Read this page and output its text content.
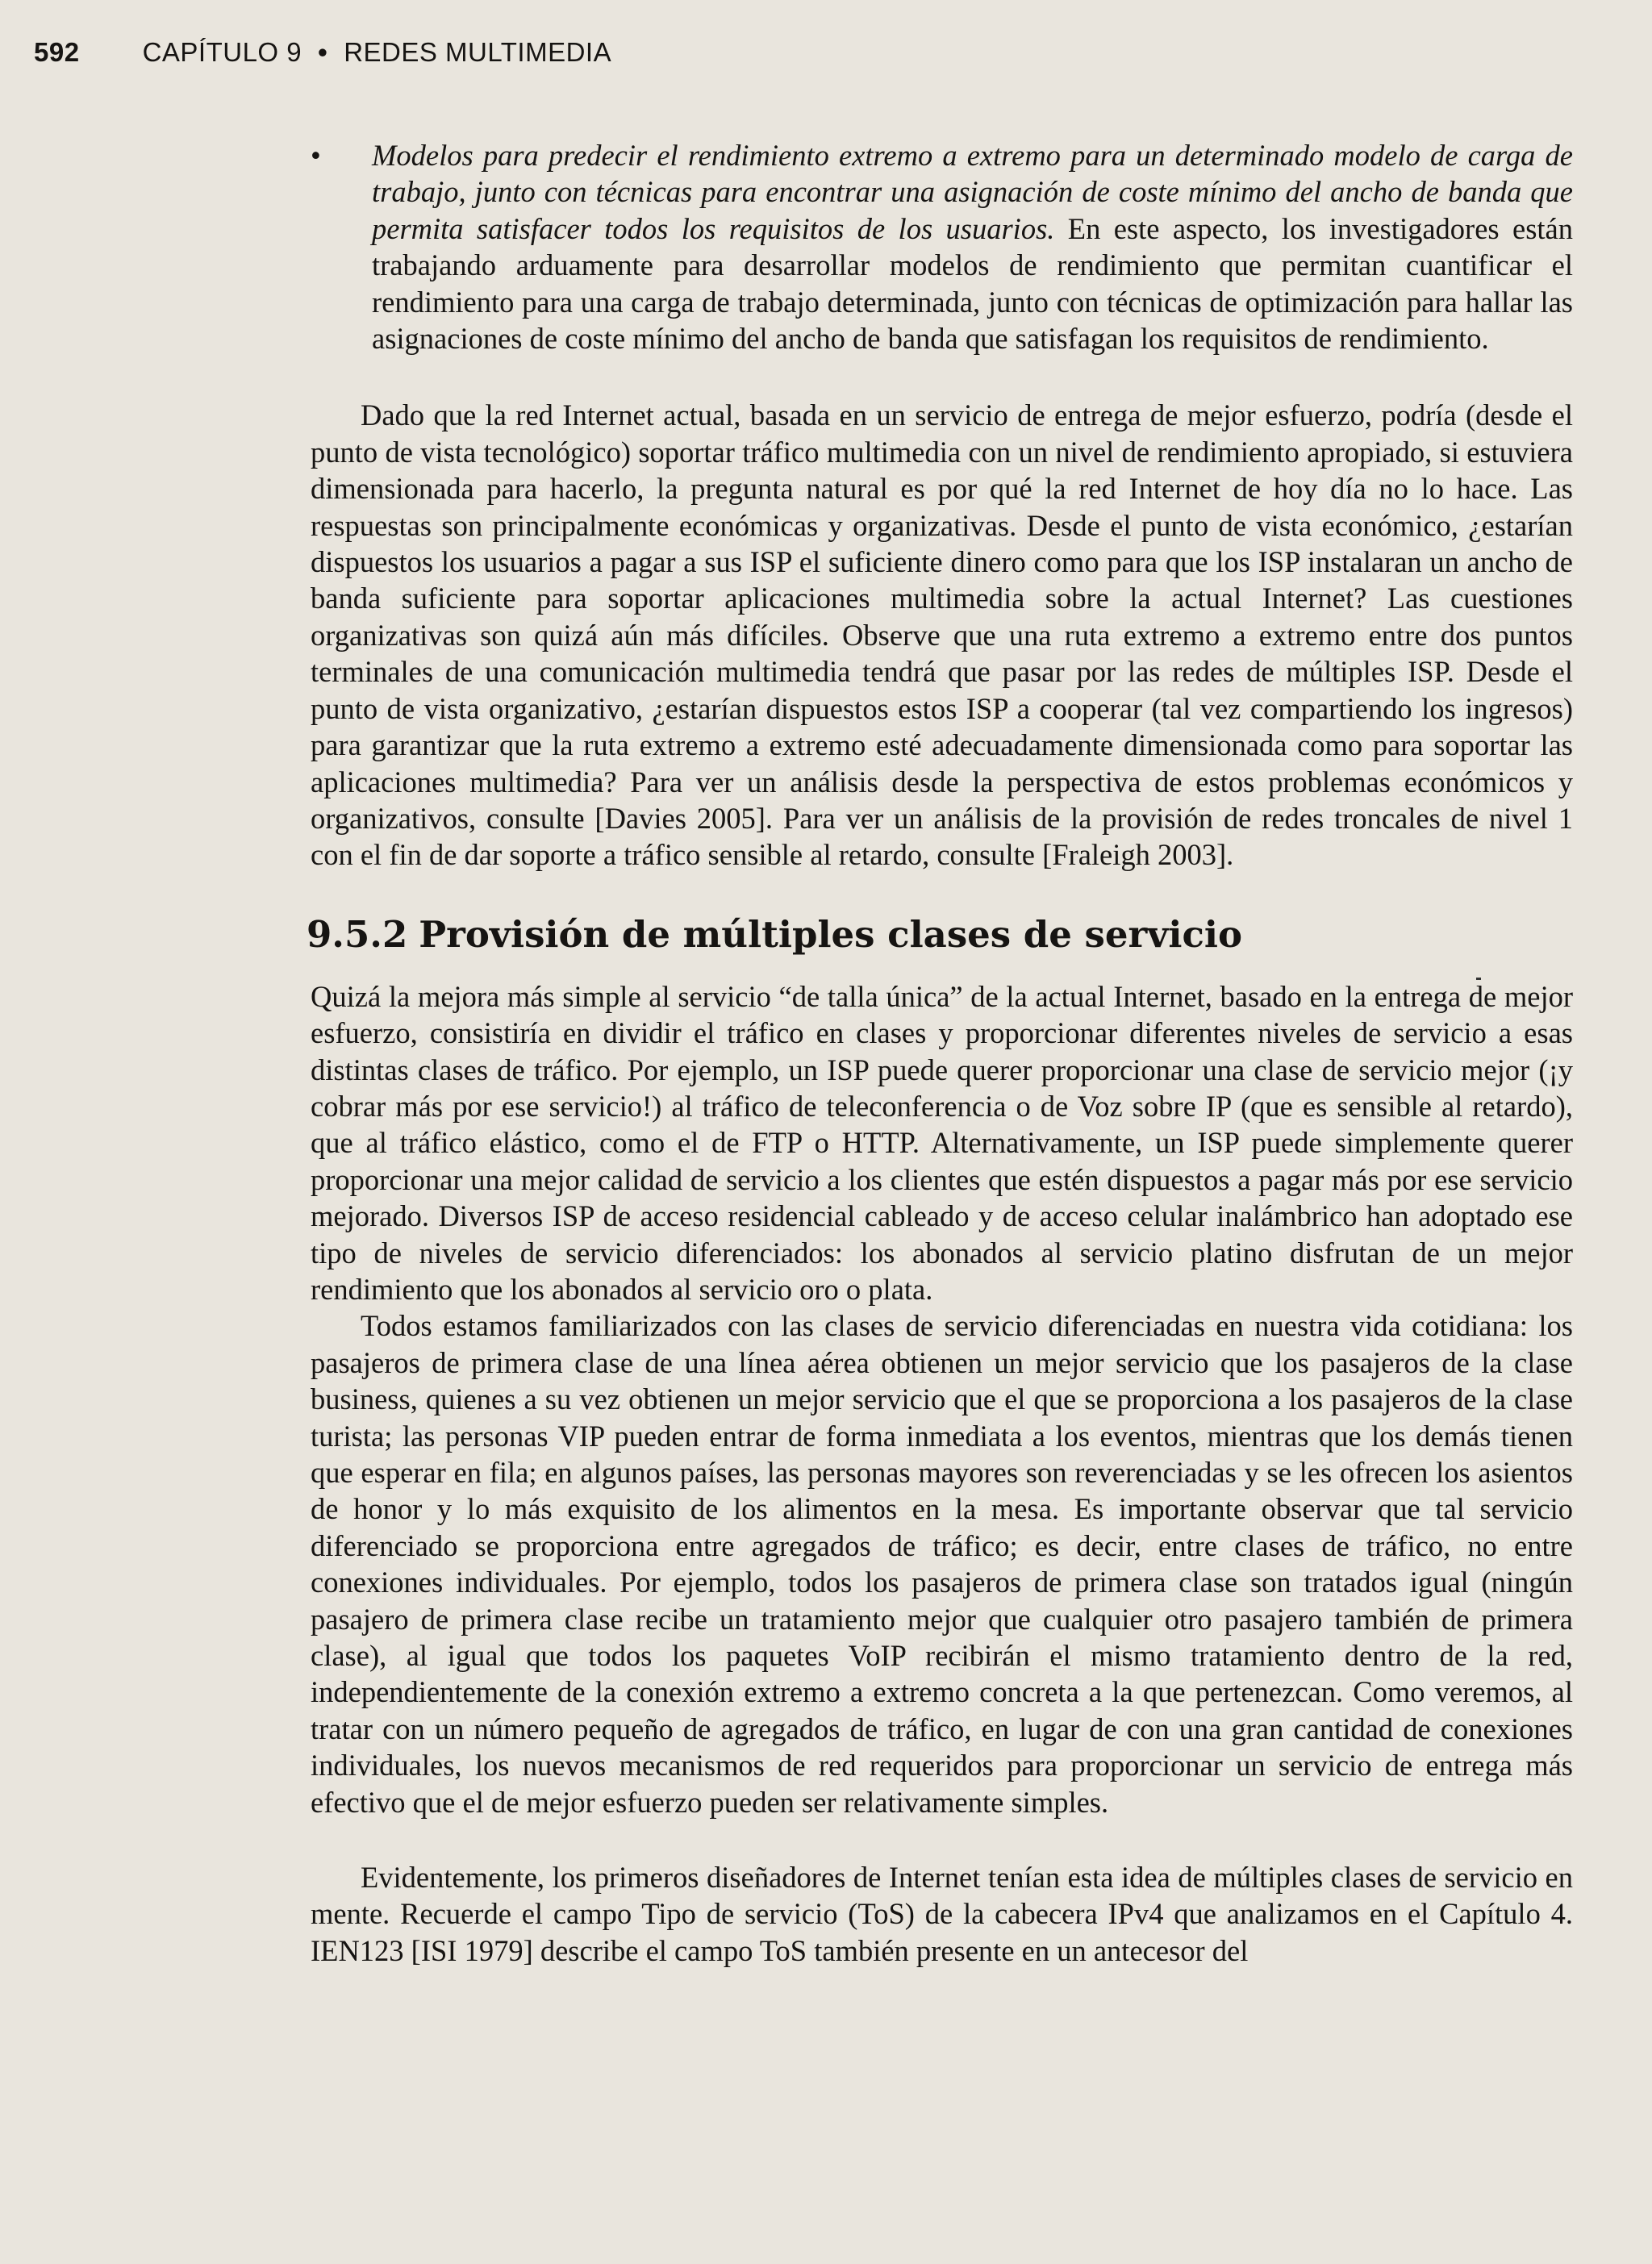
592 CAPÍTULO 9 • REDES MULTIMEDIA
• Modelos para predecir el rendimiento extremo a extremo para un determinado modelo de carga de trabajo, junto con técnicas para encontrar una asignación de coste mínimo del ancho de banda que permita satisfacer todos los requisitos de los usuarios. En este aspecto, los investigadores están trabajando arduamente para desarrollar modelos de rendimiento que permitan cuantificar el rendimiento para una carga de trabajo determinada, junto con técnicas de optimización para hallar las asignaciones de coste mínimo del ancho de banda que satisfagan los requisitos de rendimiento.

Dado que la red Internet actual, basada en un servicio de entrega de mejor esfuerzo, podría (desde el punto de vista tecnológico) soportar tráfico multimedia con un nivel de rendimiento apropiado, si estuviera dimensionada para hacerlo, la pregunta natural es por qué la red Internet de hoy día no lo hace. Las respuestas son principalmente económicas y organizativas. Desde el punto de vista económico, ¿estarían dispuestos los usuarios a pagar a sus ISP el suficiente dinero como para que los ISP instalaran un ancho de banda suficiente para soportar aplicaciones multimedia sobre la actual Internet? Las cuestiones organizativas son quizá aún más difíciles. Observe que una ruta extremo a extremo entre dos puntos terminales de una comunicación multimedia tendrá que pasar por las redes de múltiples ISP. Desde el punto de vista organizativo, ¿estarían dispuestos estos ISP a cooperar (tal vez compartiendo los ingresos) para garantizar que la ruta extremo a extremo esté adecuadamente dimensionada como para soportar las aplicaciones multimedia? Para ver un análisis desde la perspectiva de estos problemas económicos y organizativos, consulte [Davies 2005]. Para ver un análisis de la provisión de redes troncales de nivel 1 con el fin de dar soporte a tráfico sensible al retardo, consulte [Fraleigh 2003].

9.5.2 Provisión de múltiples clases de servicio

Quizá la mejora más simple al servicio “de talla única” de la actual Internet, basado en la entrega de mejor esfuerzo, consistiría en dividir el tráfico en clases y proporcionar diferentes niveles de servicio a esas distintas clases de tráfico. Por ejemplo, un ISP puede querer proporcionar una clase de servicio mejor (¡y cobrar más por ese servicio!) al tráfico de teleconferencia o de Voz sobre IP (que es sensible al retardo), que al tráfico elástico, como el de FTP o HTTP. Alternativamente, un ISP puede simplemente querer proporcionar una mejor calidad de servicio a los clientes que estén dispuestos a pagar más por ese servicio mejorado. Diversos ISP de acceso residencial cableado y de acceso celular inalámbrico han adoptado ese tipo de niveles de servicio diferenciados: los abonados al servicio platino disfrutan de un mejor rendimiento que los abonados al servicio oro o plata.

Todos estamos familiarizados con las clases de servicio diferenciadas en nuestra vida cotidiana: los pasajeros de primera clase de una línea aérea obtienen un mejor servicio que los pasajeros de la clase business, quienes a su vez obtienen un mejor servicio que el que se proporciona a los pasajeros de la clase turista; las personas VIP pueden entrar de forma inmediata a los eventos, mientras que los demás tienen que esperar en fila; en algunos países, las personas mayores son reverenciadas y se les ofrecen los asientos de honor y lo más exquisito de los alimentos en la mesa. Es importante observar que tal servicio diferenciado se proporciona entre agregados de tráfico; es decir, entre clases de tráfico, no entre conexiones individuales. Por ejemplo, todos los pasajeros de primera clase son tratados igual (ningún pasajero de primera clase recibe un tratamiento mejor que cualquier otro pasajero también de primera clase), al igual que todos los paquetes VoIP recibirán el mismo tratamiento dentro de la red, independientemente de la conexión extremo a extremo concreta a la que pertenezcan. Como veremos, al tratar con un número pequeño de agregados de tráfico, en lugar de con una gran cantidad de conexiones individuales, los nuevos mecanismos de red requeridos para proporcionar un servicio de entrega más efectivo que el de mejor esfuerzo pueden ser relativamente simples.

Evidentemente, los primeros diseñadores de Internet tenían esta idea de múltiples clases de servicio en mente. Recuerde el campo Tipo de servicio (ToS) de la cabecera IPv4 que analizamos en el Capítulo 4. IEN123 [ISI 1979] describe el campo ToS también presente en un antecesor del
